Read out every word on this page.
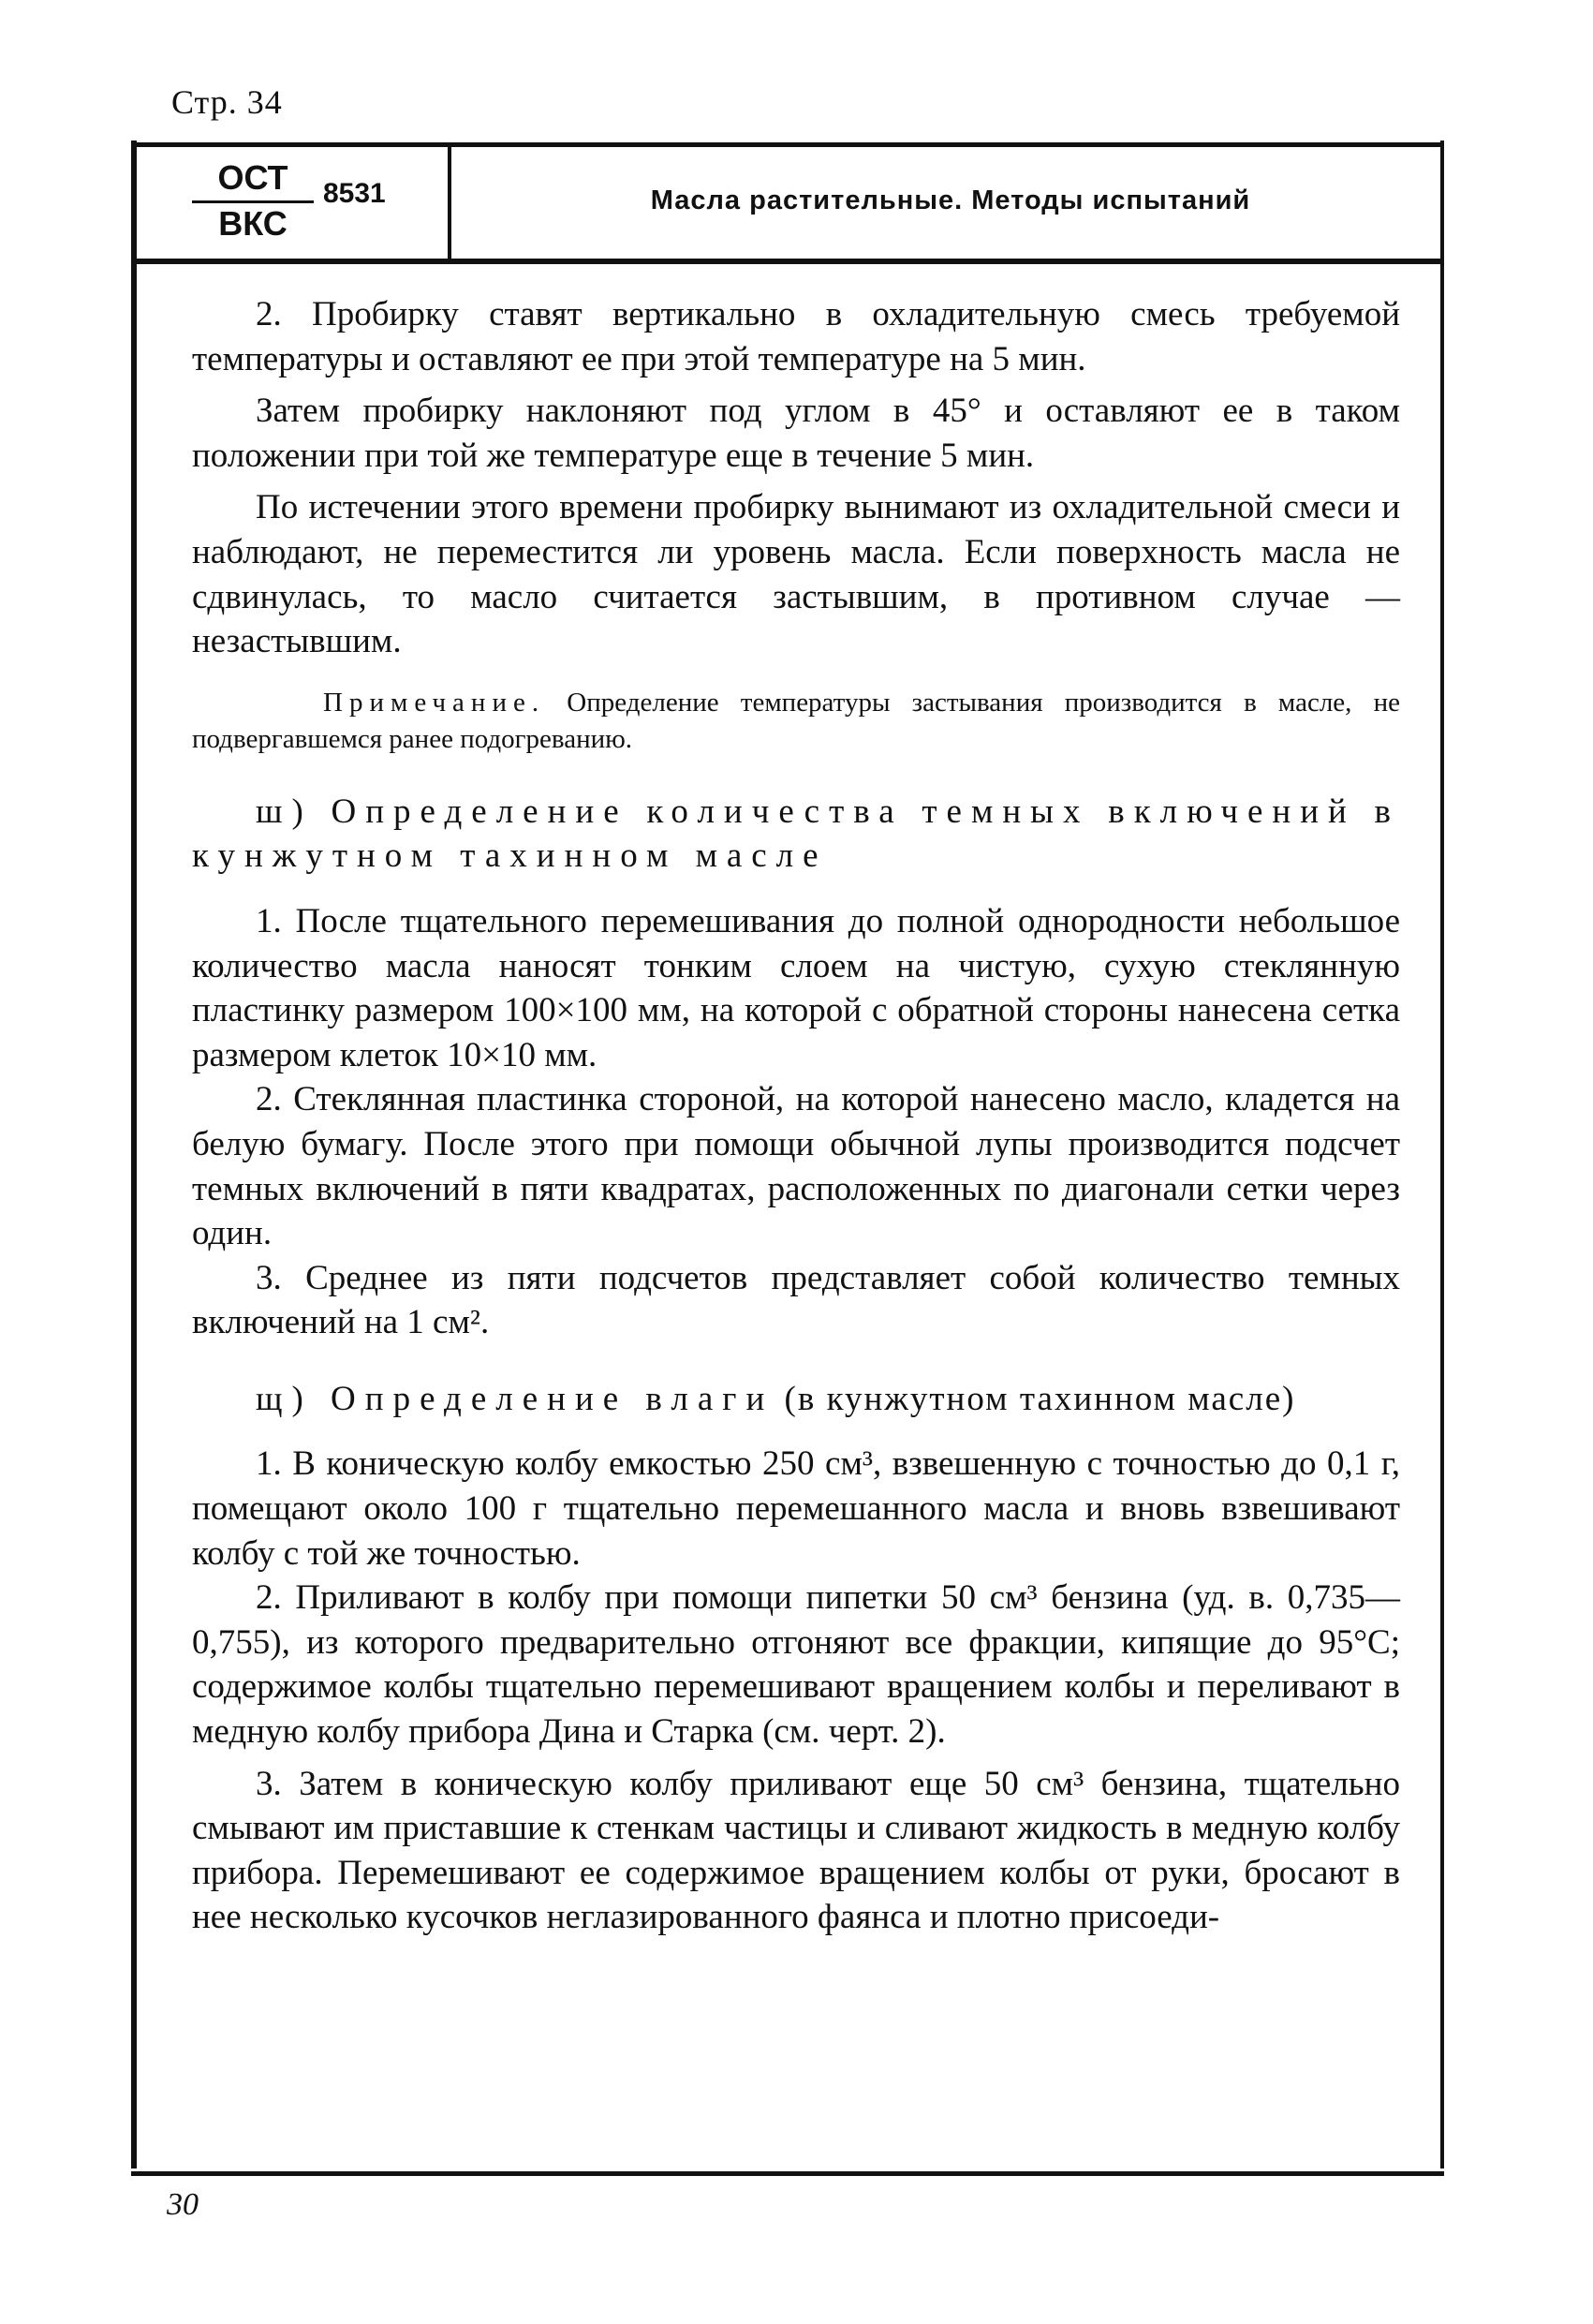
Стр. 34
ОСТ
ВКС
8531	Масла растительные. Методы испытаний

2. Пробирку ставят вертикально в охладительную смесь требуемой температуры и оставляют ее при этой температуре на 5 мин.

Затем пробирку наклоняют под углом в 45° и оставляют ее в таком положении при той же температуре еще в течение 5 мин.

По истечении этого времени пробирку вынимают из охладительной смеси и наблюдают, не переместится ли уровень масла. Если поверхность масла не сдвинулась, то масло считается застывшим, в противном случае — незастывшим.

Примечание. Определение температуры застывания производится в масле, не подвергавшемся ранее подогреванию.

ш) Определение количества темных включений в кунжутном тахинном масле

1. После тщательного перемешивания до полной однородности небольшое количество масла наносят тонким слоем на чистую, сухую стеклянную пластинку размером 100×100 мм, на которой с обратной стороны нанесена сетка размером клеток 10×10 мм.

2. Стеклянная пластинка стороной, на которой нанесено масло, кладется на белую бумагу. После этого при помощи обычной лупы производится подсчет темных включений в пяти квадратах, расположенных по диагонали сетки через один.

3. Среднее из пяти подсчетов представляет собой количество темных включений на 1 см².

щ) Определение влаги (в кунжутном тахинном масле)

1. В коническую колбу емкостью 250 см³, взвешенную с точностью до 0,1 г, помещают около 100 г тщательно перемешанного масла и вновь взвешивают колбу с той же точностью.

2. Приливают в колбу при помощи пипетки 50 см³ бензина (уд. в. 0,735—0,755), из которого предварительно отгоняют все фракции, кипящие до 95°С; содержимое колбы тщательно перемешивают вращением колбы и переливают в медную колбу прибора Дина и Старка (см. черт. 2).

3. Затем в коническую колбу приливают еще 50 см³ бензина, тщательно смывают им приставшие к стенкам частицы и сливают жидкость в медную колбу прибора. Перемешивают ее содержимое вращением колбы от руки, бросают в нее несколько кусочков неглазированного фаянса и плотно присоеди-

30
